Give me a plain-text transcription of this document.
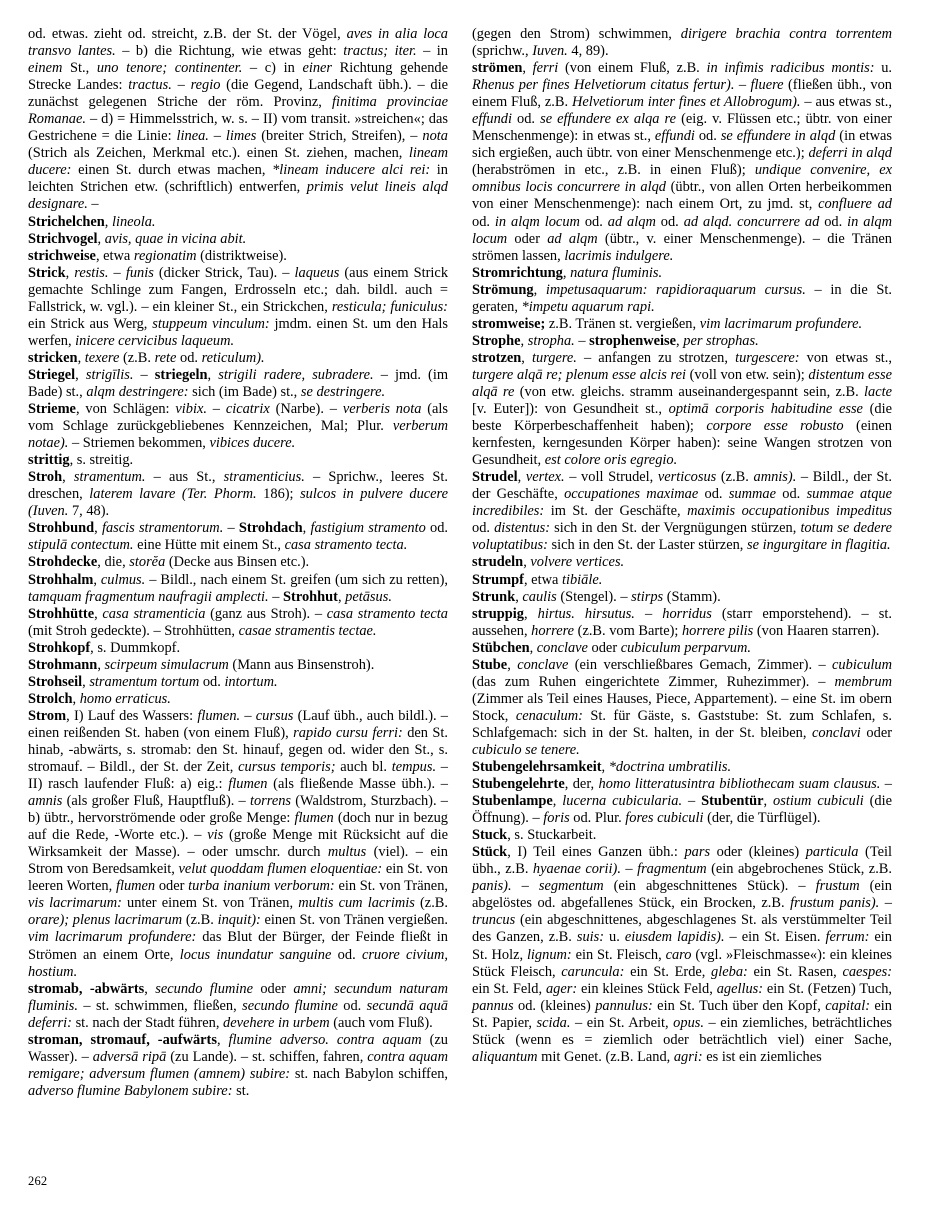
od. etwas. zieht od. streicht, z.B. der St. der Vögel, aves in alia loca transvo lantes. – b) die Richtung, wie etwas geht: tractus; iter. – in einem St., uno tenore; continenter. – c) in einer Richtung gehende Strecke Landes: tractus. – regio (die Gegend, Landschaft übh.). – die zunächst gelegenen Striche der röm. Provinz, finitima provinciae Romanae. – d) = Himmelsstrich, w. s. – II) vom transit. »streichen«; das Gestrichene = die Linie: linea. – limes (breiter Strich, Streifen), – nota (Strich als Zeichen, Merkmal etc.). einen St. ziehen, machen, lineam ducere: einen St. durch etwas machen, *lineam inducere alci rei: in leichten Strichen etw. (schriftlich) entwerfen, primis velut lineis alqd designare. –

Strichelchen, lineola.

Strichvogel, avis, quae in vicina abit.

strichweise, etwa regionatim (distriktweise).

Strick, restis. – funis (dicker Strick, Tau). – laqueus (aus einem Strick gemachte Schlinge zum Fangen, Erdrosseln etc.; dah. bildl. auch = Fallstrick, w. vgl.). – ein kleiner St., ein Strickchen, resticula; funiculus: ein Strick aus Werg, stuppeum vinculum: jmdm. einen St. um den Hals werfen, inicere cervicibus laqueum.

stricken, texere (z.B. rete od. reticulum).

Striegel, strigīlis. – striegeln, strigili radere, subradere. – jmd. (im Bade) st., alqm destringere: sich (im Bade) st., se destringere.

Strieme, von Schlägen: vibix. – cicatrix (Narbe). – verberis nota (als vom Schlage zurückgebliebenes Kennzeichen, Mal; Plur. verberum notae). – Striemen bekommen, vibices ducere.

strittig, s. streitig.

Stroh, stramentum. – aus St., stramenticius. – Sprichw., leeres St. dreschen, laterem lavare (Ter. Phorm. 186); sulcos in pulvere ducere (Iuven. 7, 48).

Strohbund, fascis stramentorum. – Strohdach, fastigium stramento od. stipulā contectum. eine Hütte mit einem St., casa stramento tecta.

Strohdecke, die, storĕa (Decke aus Binsen etc.).

Strohhalm, culmus. – Bildl., nach einem St. greifen (um sich zu retten), tamquam fragmentum naufragii amplecti. – Strohhut, petāsus.

Strohhütte, casa stramenticia (ganz aus Stroh). – casa stramento tecta (mit Stroh gedeckte). – Strohhütten, casae stramentis tectae.

Strohkopf, s. Dummkopf.

Strohmann, scirpeum simulacrum (Mann aus Binsenstroh).

Strohseil, stramentum tortum od. intortum.

Strolch, homo erraticus.

Strom, I) Lauf des Wassers: flumen. – cursus (Lauf übh., auch bildl.). – einen reißenden St. haben (von einem Fluß), rapido cursu ferri: den St. hinab, -abwärts, s. stromab: den St. hinauf, gegen od. wider den St., s. stromauf. – Bildl., der St. der Zeit, cursus temporis; auch bl. tempus. – II) rasch laufender Fluß: a) eig.: flumen (als fließende Masse übh.). – amnis (als großer Fluß, Hauptfluß). – torrens (Waldstrom, Sturzbach). – b) übtr., hervorströmende oder große Menge: flumen (doch nur in bezug auf die Rede, -Worte etc.). – vis (große Menge mit Rücksicht auf die Wirksamkeit der Masse). – oder umschr. durch multus (viel). – ein Strom von Beredsamkeit, velut quoddam flumen eloquentiae: ein St. von leeren Worten, flumen oder turba inanium verborum: ein St. von Tränen, vis lacrimarum: unter einem St. von Tränen, multis cum lacrimis (z.B. orare); plenus lacrimarum (z.B. inquit): einen St. von Tränen vergießen. vim lacrimarum profundere: das Blut der Bürger, der Feinde fließt in Strömen an einem Orte, locus inundatur sanguine od. cruore civium, hostium.

stromab, -abwärts, secundo flumine oder amni; secundum naturam fluminis. – st. schwimmen, fließen, secundo flumine od. secundā aquā deferri: st. nach der Stadt führen, devehere in urbem (auch vom Fluß).

stroman, stromauf, -aufwärts, flumine adverso. contra aquam (zu Wasser). – adversā ripā (zu Lande). – st. schiffen, fahren, contra aquam remigare; adversum flumen (amnem) subire: st. nach Babylon schiffen, adverso flumine Babylonem subire: st.

(gegen den Strom) schwimmen, dirigere brachia contra torrentem (sprichw., Iuven. 4, 89).

strömen, ferri (von einem Fluß, z.B. in infimis radicibus montis: u. Rhenus per fines Helvetiorum citatus fertur). – fluere (fließen übh., von einem Fluß, z.B. Helvetiorum inter fines et Allobrogum). – aus etwas st., effundi od. se effundere ex alqa re (eig. v. Flüssen etc.; übtr. von einer Menschenmenge): in etwas st., effundi od. se effundere in alqd (in etwas sich ergießen, auch übtr. von einer Menschenmenge etc.); deferri in alqd (herabströmen in etc., z.B. in einen Fluß); undique convenire, ex omnibus locis concurrere in alqd (übtr., von allen Orten herbeikommen von einer Menschenmenge): nach einem Ort, zu jmd. st, confluere ad od. in alqm locum od. ad alqm od. ad alqd. concurrere ad od. in alqm locum oder ad alqm (übtr., v. einer Menschenmenge). – die Tränen strömen lassen, lacrimis indulgere.

Stromrichtung, natura fluminis.

Strömung, impetusaquarum: rapidioraquarum cursus. – in die St. geraten, *impetu aquarum rapi.

stromweise; z.B. Tränen st. vergießen, vim lacrimarum profundere.

Strophe, stropha. – strophenweise, per strophas.

strotzen, turgere. – anfangen zu strotzen, turgescere: von etwas st., turgere alqā re; plenum esse alcis rei (voll von etw. sein); distentum esse alqā re (von etw. gleichs. stramm auseinandergespannt sein, z.B. lacte [v. Euter]): von Gesundheit st., optimā corporis habitudine esse (die beste Körperbeschaffenheit haben); corpore esse robusto (einen kernfesten, kerngesunden Körper haben): seine Wangen strotzen von Gesundheit, est colore oris egregio.

Strudel, vertex. – voll Strudel, verticosus (z.B. amnis). – Bildl., der St. der Geschäfte, occupationes maximae od. summae od. summae atque incredibiles: im St. der Geschäfte, maximis occupationibus impeditus od. distentus: sich in den St. der Vergnügungen stürzen, totum se dedere voluptatibus: sich in den St. der Laster stürzen, se ingurgitare in flagitia.

strudeln, volvere vertices.

Strumpf, etwa tibiāle.

Strunk, caulis (Stengel). – stirps (Stamm).

struppig, hirtus. hirsutus. – horridus (starr emporstehend). – st. aussehen, horrere (z.B. vom Barte); horrere pilis (von Haaren starren).

Stübchen, conclave oder cubiculum perparvum.

Stube, conclave (ein verschließbares Gemach, Zimmer). – cubiculum (das zum Ruhen eingerichtete Zimmer, Ruhezimmer). – membrum (Zimmer als Teil eines Hauses, Piece, Appartement). – eine St. im obern Stock, cenaculum: St. für Gäste, s. Gaststube: St. zum Schlafen, s. Schlafgemach: sich in der St. halten, in der St. bleiben, conclavi oder cubiculo se tenere.

Stubengelehrsamkeit, *doctrina umbratilis.

Stubengelehrte, der, homo litteratusintra bibliothecam suam clausus. – Stubenlampe, lucerna cubicularia. – Stubentür, ostium cubiculi (die Öffnung). – foris od. Plur. fores cubiculi (der, die Türflügel).

Stuck, s. Stuckarbeit.

Stück, I) Teil eines Ganzen übh.: pars oder (kleines) particula (Teil übh., z.B. hyaenae corii). – fragmentum (ein abgebrochenes Stück, z.B. panis). – segmentum (ein abgeschnittenes Stück). – frustum (ein abgelöstes od. abgefallenes Stück, ein Brocken, z.B. frustum panis). – truncus (ein abgeschnittenes, abgeschlagenes St. als verstümmelter Teil des Ganzen, z.B. suis: u. eiusdem lapidis). – ein St. Eisen. ferrum: ein St. Holz, lignum: ein St. Fleisch, caro (vgl. »Fleischmasse«): ein kleines Stück Fleisch, caruncula: ein St. Erde, gleba: ein St. Rasen, caespes: ein St. Feld, ager: ein kleines Stück Feld, agellus: ein St. (Fetzen) Tuch, pannus od. (kleines) pannulus: ein St. Tuch über den Kopf, capital: ein St. Papier, scida. – ein St. Arbeit, opus. – ein ziemliches, beträchtliches Stück (wenn es = ziemlich oder beträchtlich viel) einer Sache, aliquantum mit Genet. (z.B. Land, agri: es ist ein ziemliches

262
